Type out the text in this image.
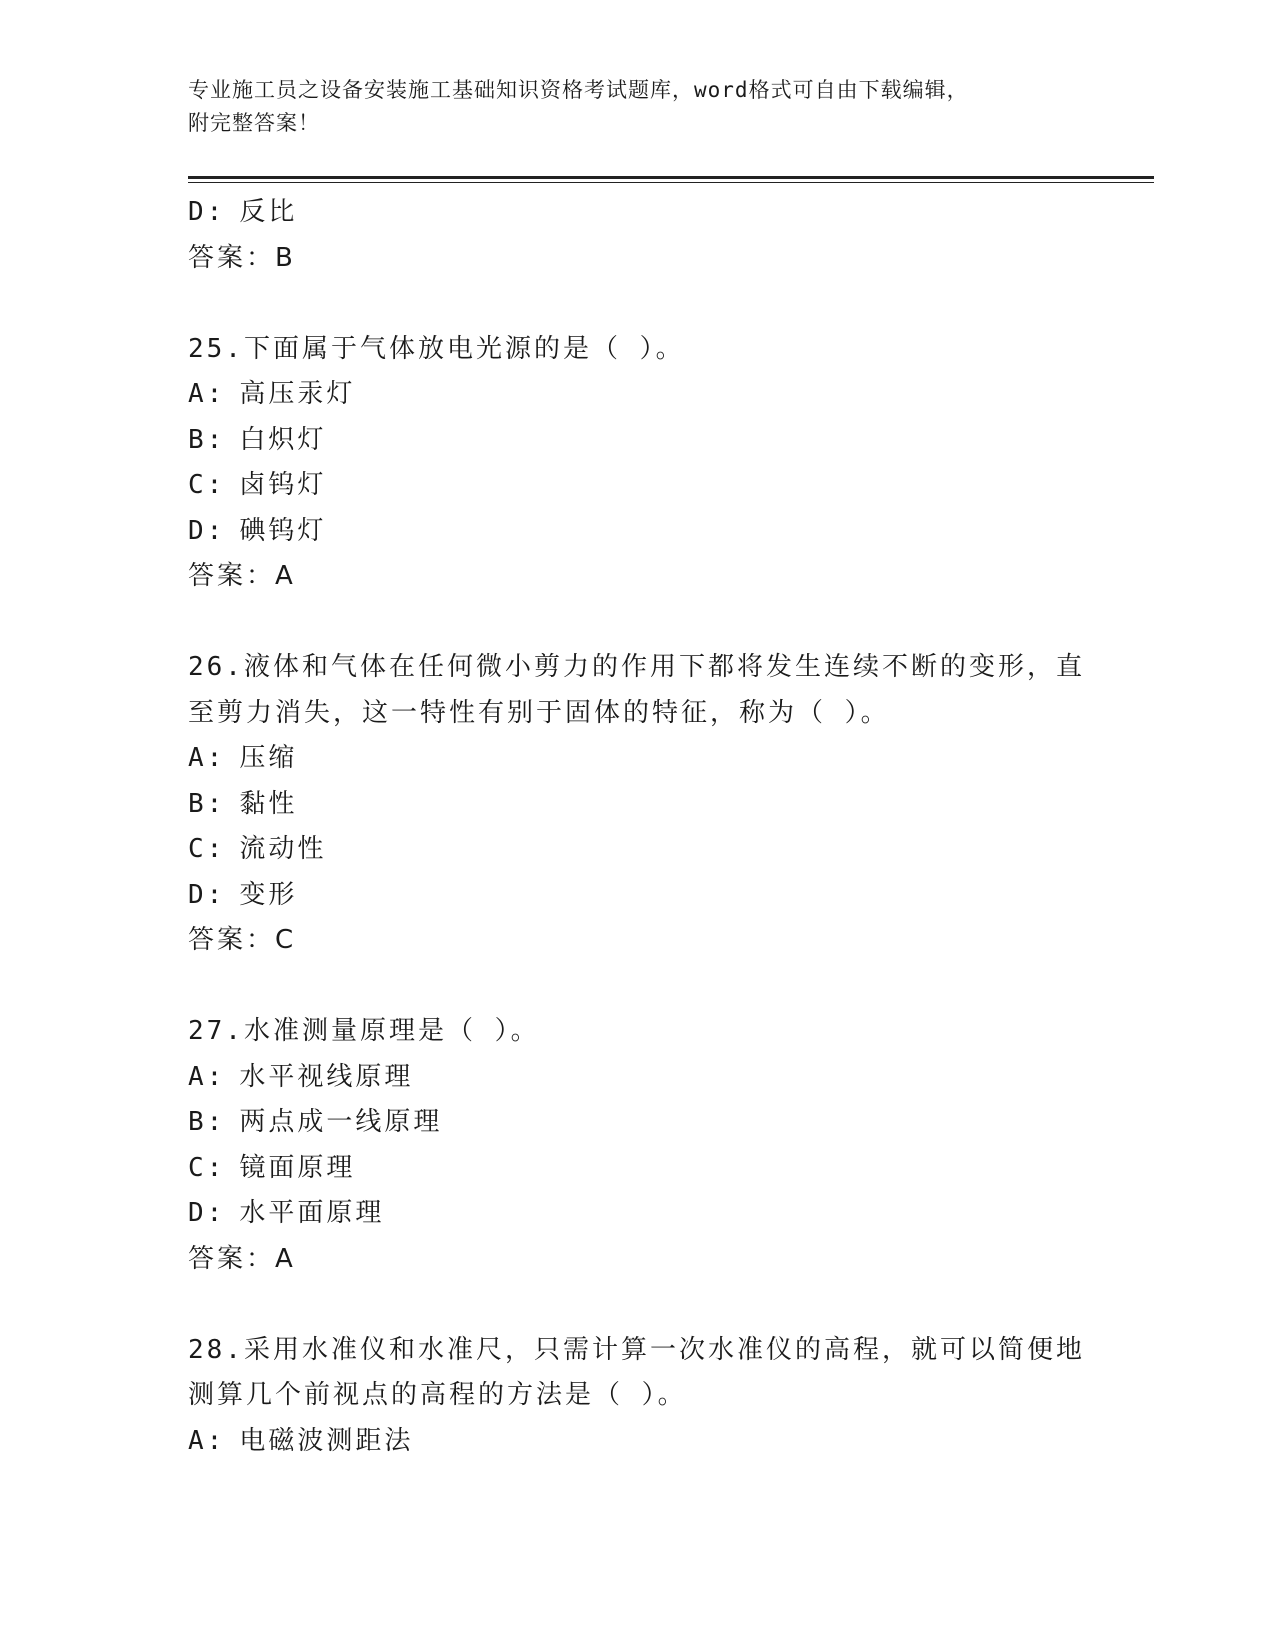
专业施工员之设备安装施工基础知识资格考试题库，word格式可自由下载编辑，
附完整答案！
D: 反比
答案：B
25.下面属于气体放电光源的是（ ）。
A: 高压汞灯
B: 白炽灯
C: 卤钨灯
D: 碘钨灯
答案：A
26.液体和气体在任何微小剪力的作用下都将发生连续不断的变形，直
至剪力消失，这一特性有别于固体的特征，称为（ ）。
A: 压缩
B: 黏性
C: 流动性
D: 变形
答案：C
27.水准测量原理是（ ）。
A: 水平视线原理
B: 两点成一线原理
C: 镜面原理
D: 水平面原理
答案：A
28.采用水准仪和水准尺，只需计算一次水准仪的高程，就可以简便地
测算几个前视点的高程的方法是（ ）。
A: 电磁波测距法
